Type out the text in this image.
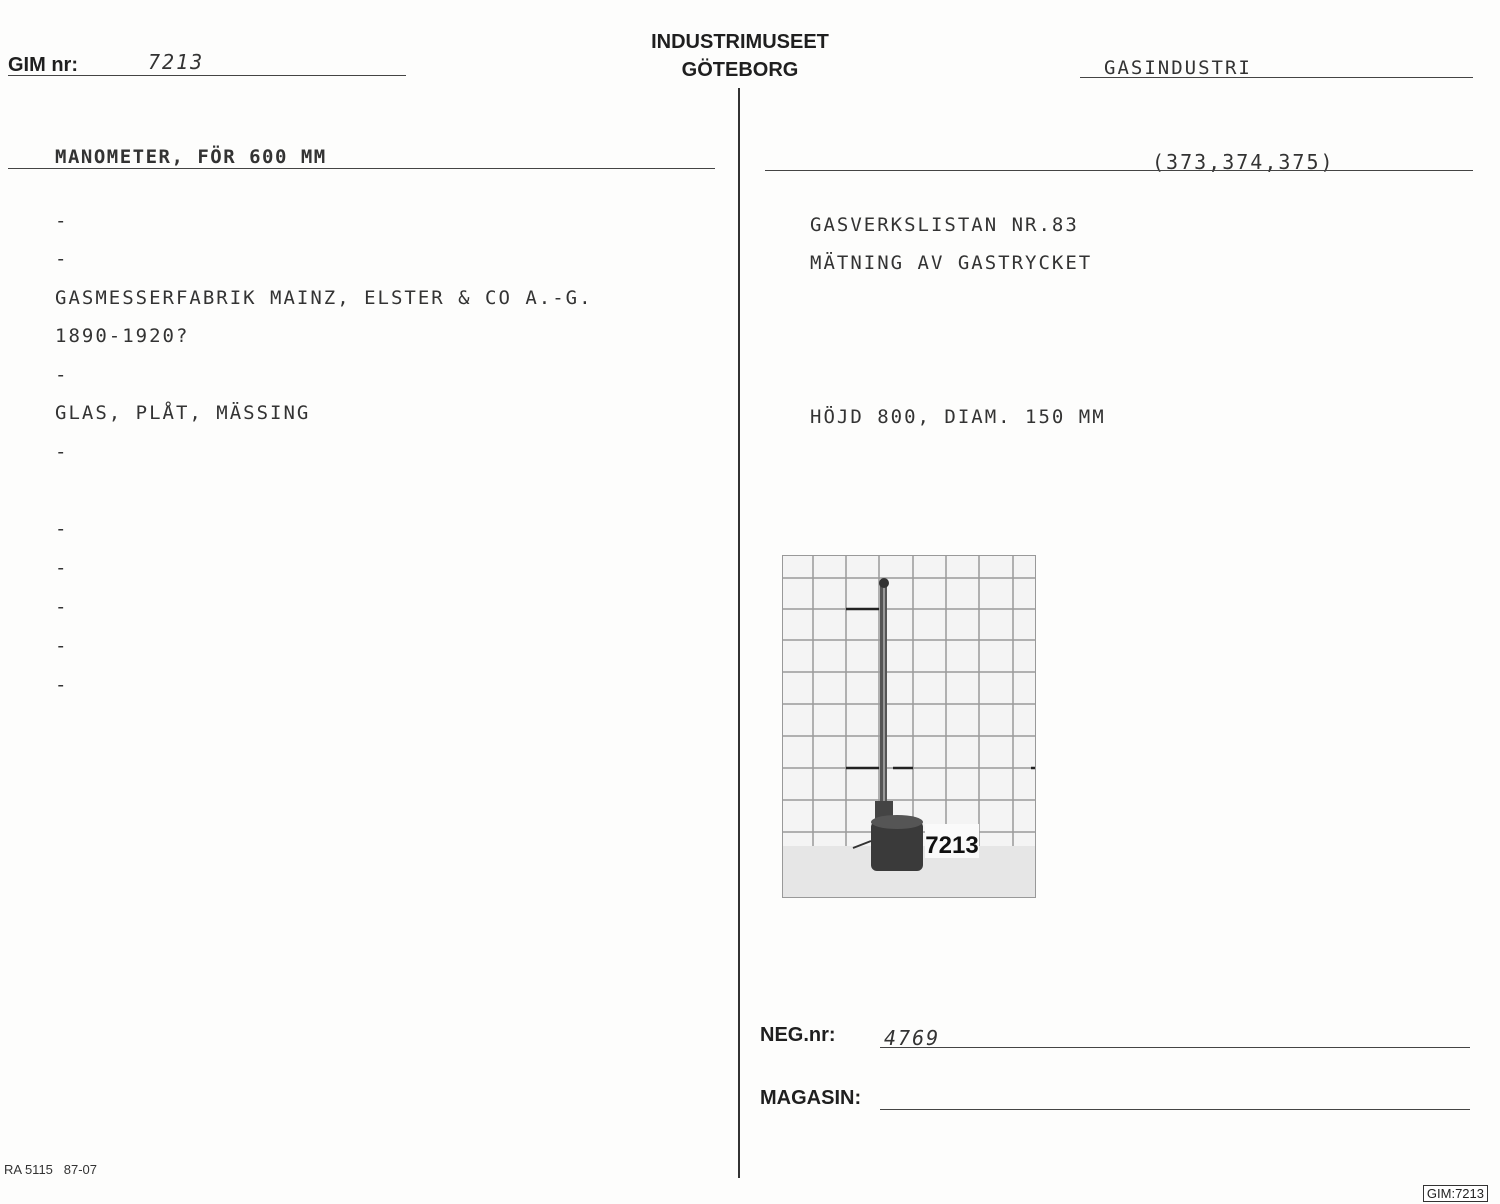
GIM nr:	7213
INDUSTRIMUSEET
GÖTEBORG	GASINDUSTRI
MANOMETER, FÖR 600 MM
-
-
GASMESSERFABRIK MAINZ, ELSTER & CO A.-G.
1890-1920?
-
GLAS, PLÅT, MÄSSING
-
-
-
-
-
-
(373,374,375)
GASVERKSLISTAN NR.83
MÄTNING AV GASTRYCKET
HÖJD 800, DIAM. 150 MM
7213
NEG.nr: 4769
MAGASIN:
RA 5115   87-07
GIM:7213
